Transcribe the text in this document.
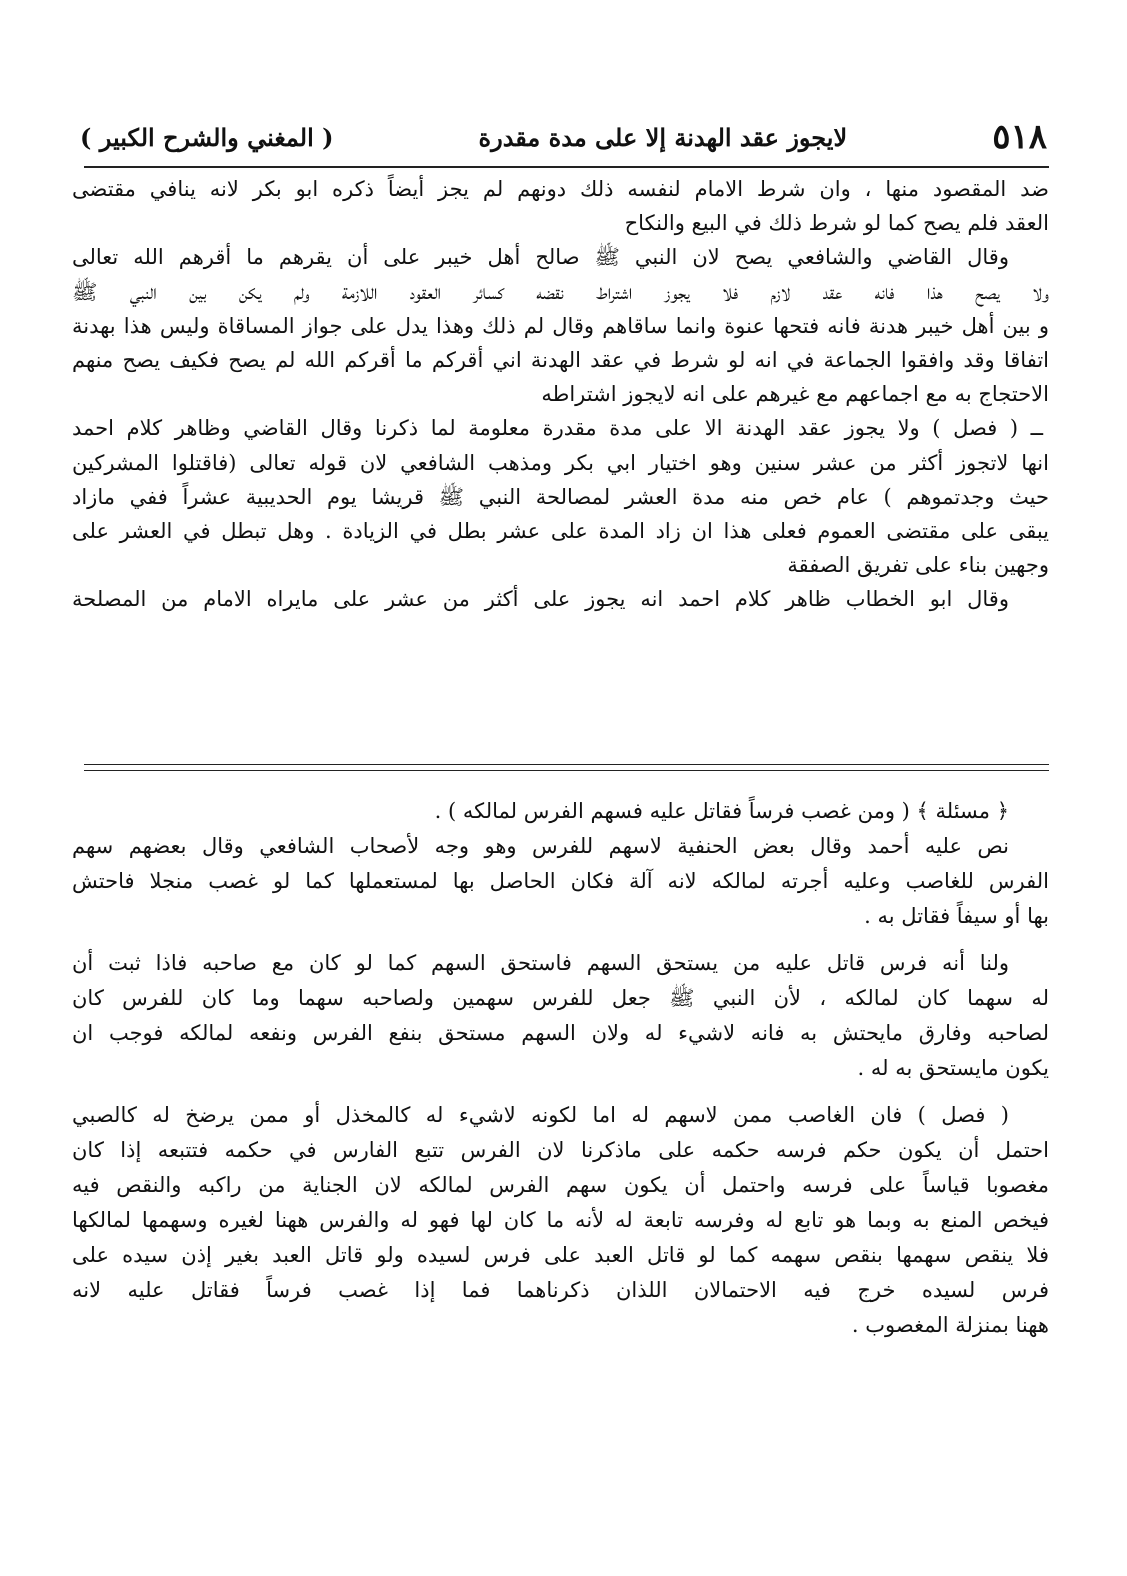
٥١٨
لايجوز عقد الهدنة إلا على مدة مقدرة
( المغني والشرح الكبير )

ضد المقصود منها ، وان شرط الامام لنفسه ذلك دونهم لم يجز أيضاً ذكره ابو بكر لانه ينافي مقتضى

العقد فلم يصح كما لو شرط ذلك في البيع والنكاح

وقال القاضي والشافعي يصح لان النبي ﷺ صالح أهل خيبر على أن يقرهم ما أقرهم الله تعالى

ولا يصح هذا فانه عقد لازم فلا يجوز اشتراط نقضه كسائر العقود اللازمة ولم يكن بين النبي ﷺ

و بين أهل خيبر هدنة فانه فتحها عنوة وانما ساقاهم وقال لم ذلك وهذا يدل على جواز المساقاة وليس هذا بهدنة

اتفاقا وقد وافقوا الجماعة في انه لو شرط في عقد الهدنة اني أقركم ما أقركم الله لم يصح فكيف يصح منهم

الاحتجاج به مع اجماعهم مع غيرهم على انه لايجوز اشتراطه

ــ ( فصل ) ولا يجوز عقد الهدنة الا على مدة مقدرة معلومة لما ذكرنا وقال القاضي وظاهر كلام احمد

انها لاتجوز أكثر من عشر سنين وهو اختيار ابي بكر ومذهب الشافعي لان قوله تعالى (فاقتلوا المشركين

حيث وجدتموهم ) عام خص منه مدة العشر لمصالحة النبي ﷺ قريشا يوم الحديبية عشراً ففي مازاد

يبقى على مقتضى العموم فعلى هذا ان زاد المدة على عشر بطل في الزيادة . وهل تبطل في العشر على

وجهين بناء على تفريق الصفقة

وقال ابو الخطاب ظاهر كلام احمد انه يجوز على أكثر من عشر على مايراه الامام من المصلحة

﴿ مسئلة ﴾ ( ومن غصب فرساً فقاتل عليه فسهم الفرس لمالكه ) .

نص عليه أحمد وقال بعض الحنفية لاسهم للفرس وهو وجه لأصحاب الشافعي وقال بعضهم سهم

الفرس للغاصب وعليه أجرته لمالكه لانه آلة فكان الحاصل بها لمستعملها كما لو غصب منجلا فاحتش

بها أو سيفاً فقاتل به .

ولنا أنه فرس قاتل عليه من يستحق السهم فاستحق السهم كما لو كان مع صاحبه فاذا ثبت أن

له سهما كان لمالكه ، لأن النبي ﷺ جعل للفرس سهمين ولصاحبه سهما وما كان للفرس كان

لصاحبه وفارق مايحتش به فانه لاشيء له ولان السهم مستحق بنفع الفرس ونفعه لمالكه فوجب ان

يكون مايستحق به له .

( فصل ) فان الغاصب ممن لاسهم له اما لكونه لاشيء له كالمخذل أو ممن يرضخ له كالصبي

احتمل أن يكون حكم فرسه حكمه على ماذكرنا لان الفرس تتبع الفارس في حكمه فتتبعه إذا كان

مغصوبا قياساً على فرسه واحتمل أن يكون سهم الفرس لمالكه لان الجناية من راكبه والنقص فيه

فيخص المنع به وبما هو تابع له وفرسه تابعة له لأنه ما كان لها فهو له والفرس ههنا لغيره وسهمها لمالكها

فلا ينقص سهمها بنقص سهمه كما لو قاتل العبد على فرس لسيده ولو قاتل العبد بغير إذن سيده على

فرس لسيده خرج فيه الاحتمالان اللذان ذكرناهما فما إذا غصب فرساً فقاتل عليه لانه

ههنا بمنزلة المغصوب .
